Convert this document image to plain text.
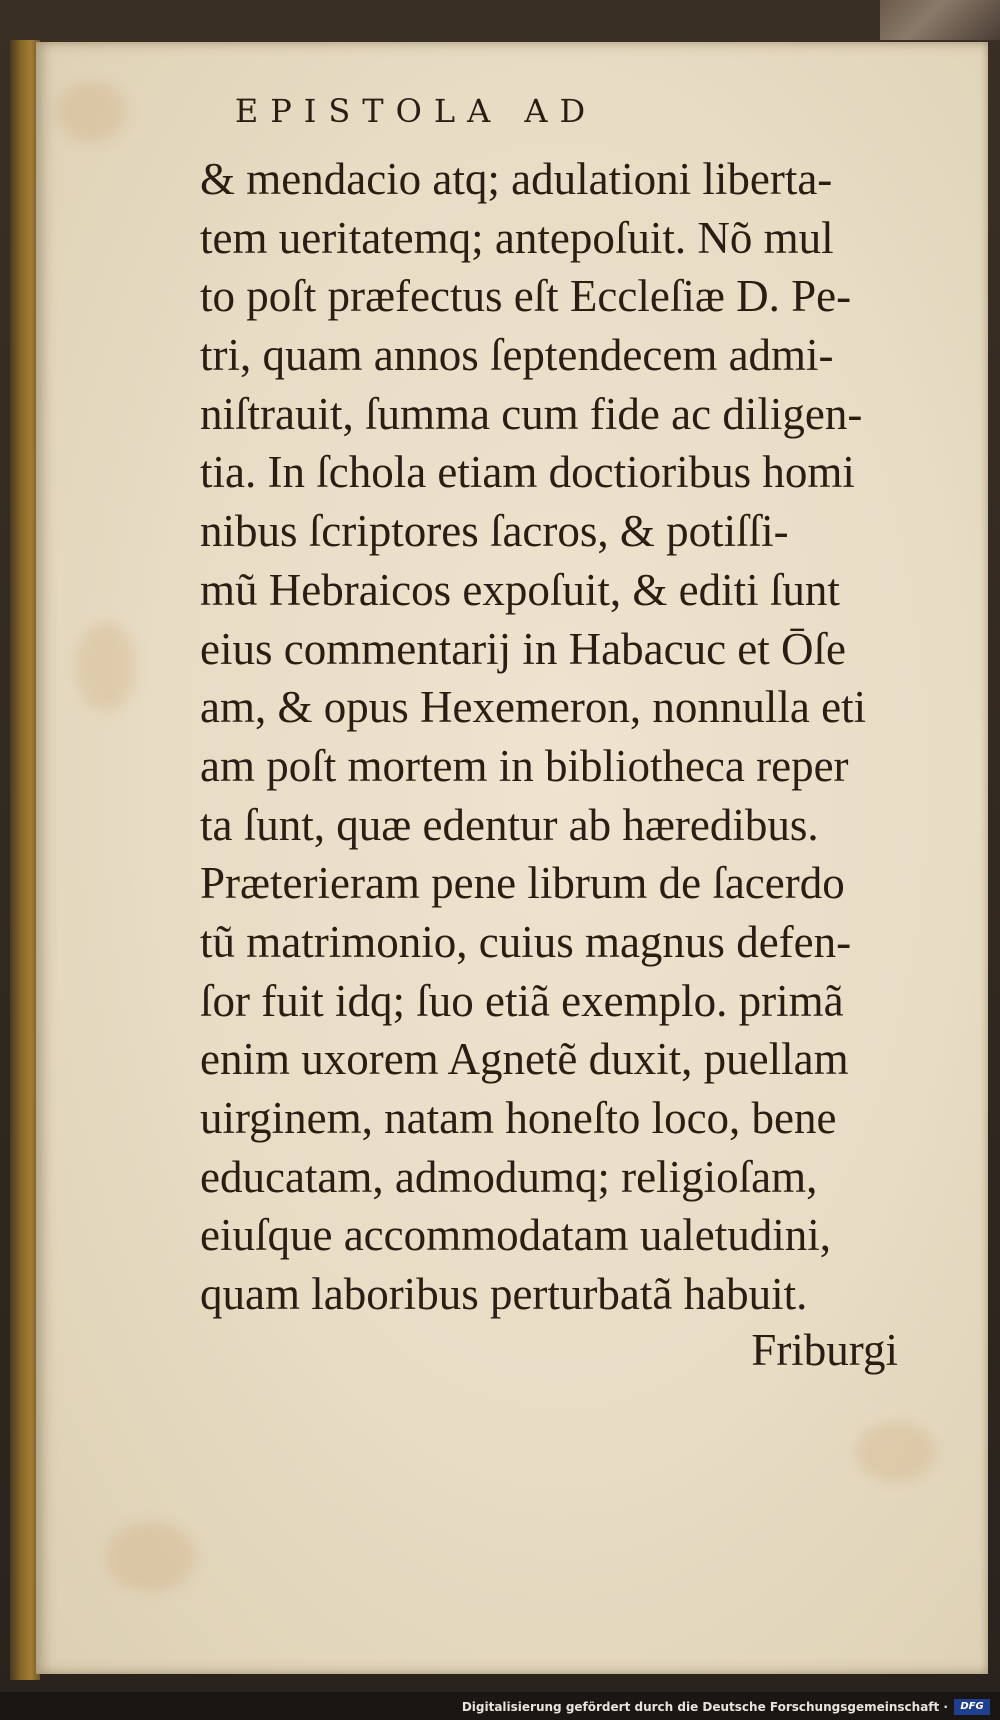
EPISTOLA AD
& mendacio atq; adulationi liberta-
tem ueritatemq; antepoſuit. Nõ mul
to poſt præfectus eſt Eccleſiæ D. Pe-
tri, quam annos ſeptendecem admi-
niſtrauit, ſumma cum fide ac diligen-
tia. In ſchola etiam doctioribus homi
nibus ſcriptores ſacros, & potiſſi-
mũ Hebraicos expoſuit, & editi ſunt
eius commentarij in Habacuc et Ōſe
am, & opus Hexemeron, nonnulla eti
am poſt mortem in bibliotheca reper
ta ſunt, quæ edentur ab hæredibus.
Præterieram pene librum de ſacerdo
tũ matrimonio, cuius magnus defen-
ſor fuit idq; ſuo etiã exemplo. primã
enim uxorem Agnetẽ duxit, puellam
uirginem, natam honeſto loco, bene
educatam, admodumq; religioſam,
eiuſque accommodatam ualetudini,
quam laboribus perturbatã habuit.
Friburgi
Digitalisierung gefördert durch die Deutsche Forschungsgemeinschaft ·	DFG
